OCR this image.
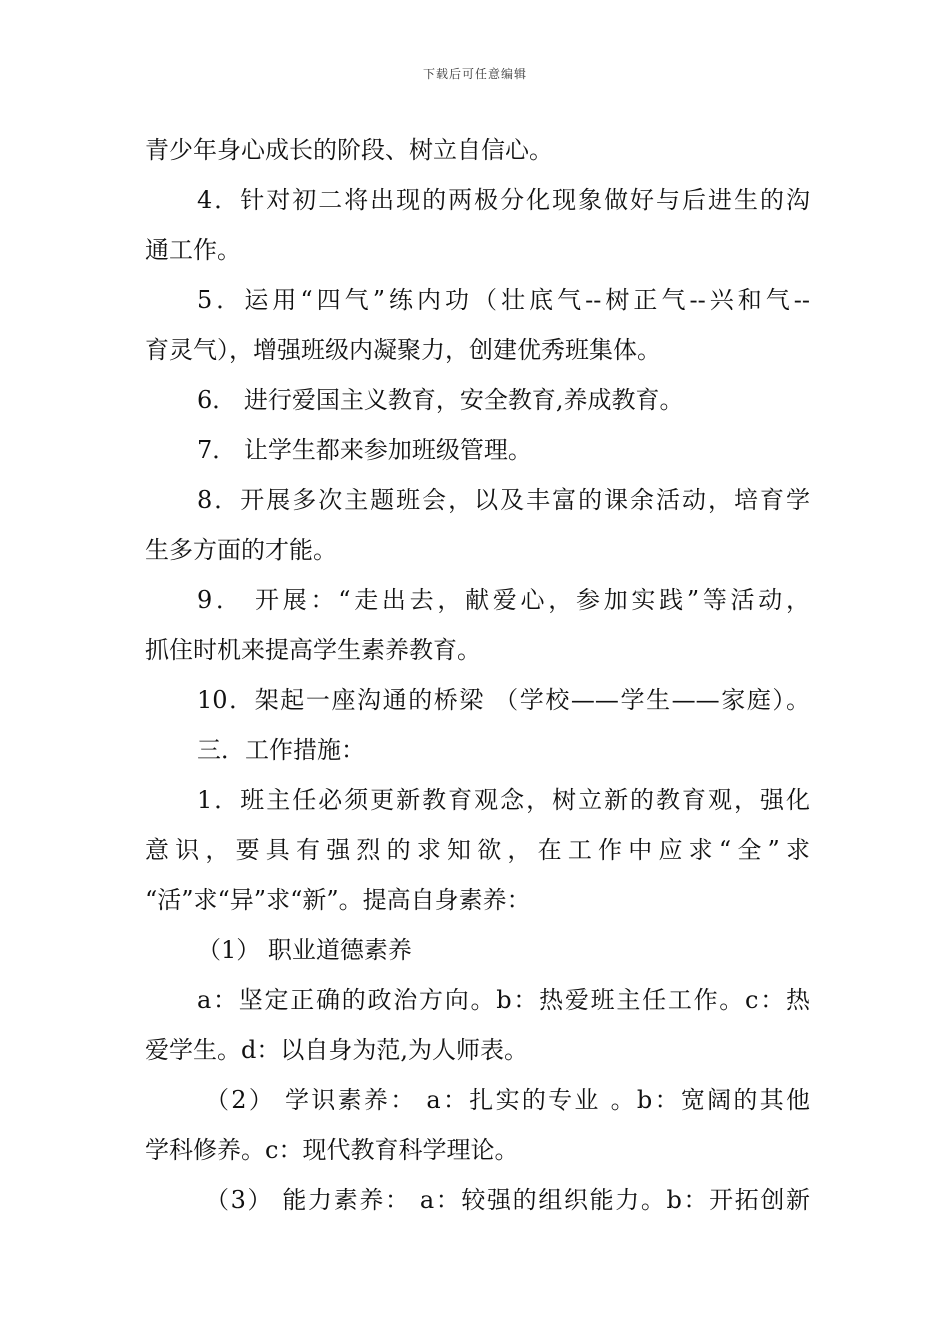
下载后可任意编辑
青少年身心成长的阶段、树立自信心。
4．针对初二将出现的两极分化现象做好与后进生的沟
通工作。
5．运用“四气”练内功（壮底气--树正气--兴和气--
育灵气），增强班级内凝聚力，创建优秀班集体。
6． 进行爱国主义教育，安全教育,养成教育。
7． 让学生都来参加班级管理。
8．开展多次主题班会，以及丰富的课余活动，培育学
生多方面的才能。
9． 开展：“走出去，献爱心，参加实践”等活动，
抓住时机来提高学生素养教育。
10．架起一座沟通的桥梁 （学校——学生——家庭）。
三．工作措施：
1．班主任必须更新教育观念，树立新的教育观，强化
意识，要具有强烈的求知欲，在工作中应求“全”求
“活”求“异”求“新”。提高自身素养：
（1） 职业道德素养
a：坚定正确的政治方向。b：热爱班主任工作。c：热
爱学生。d：以自身为范,为人师表。
（2） 学识素养： a：扎实的专业 。b：宽阔的其他
学科修养。c：现代教育科学理论。
（3） 能力素养： a：较强的组织能力。b：开拓创新
